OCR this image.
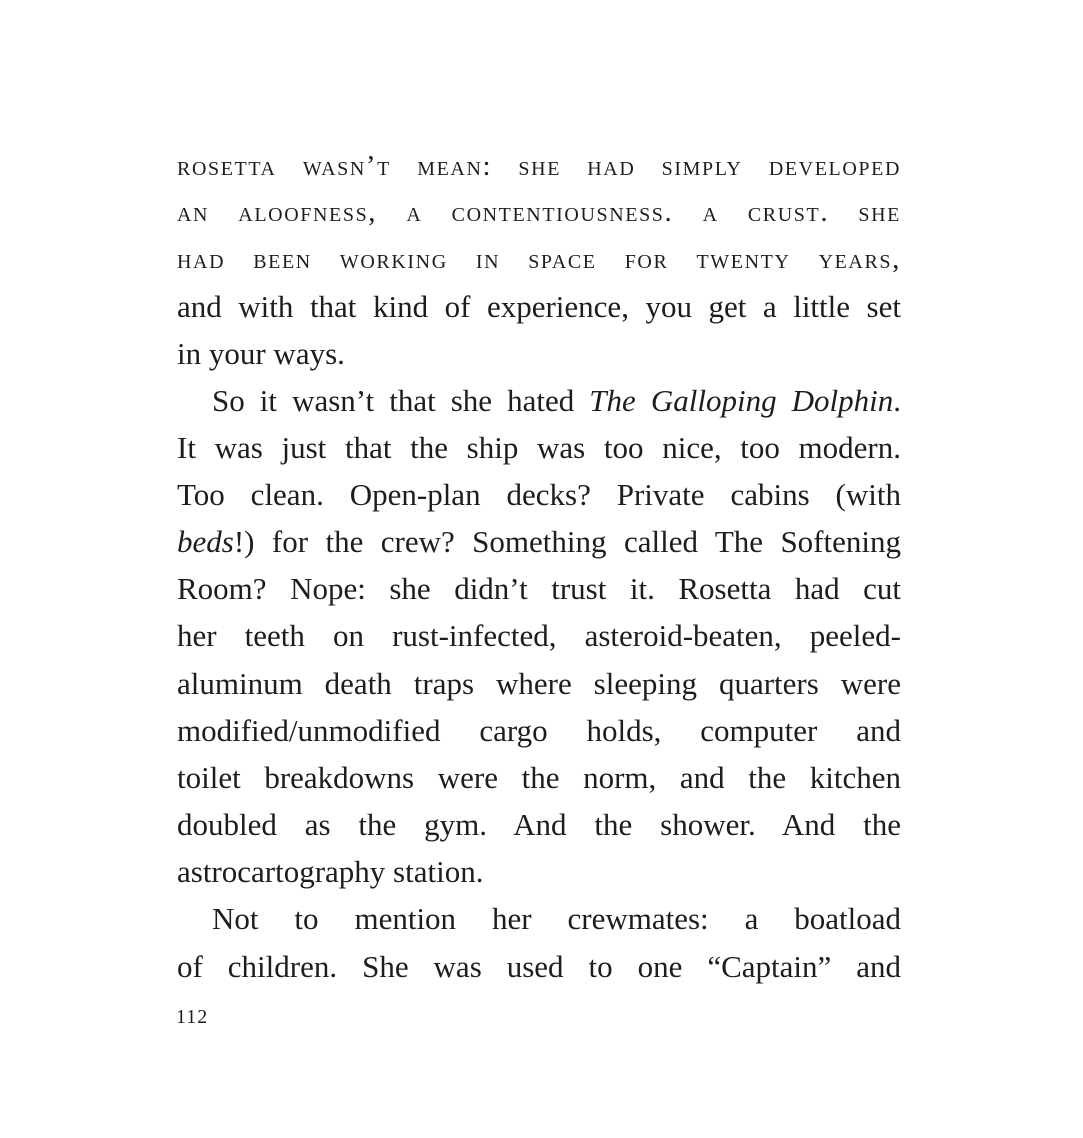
rosetta wasn’t mean: she had simply developed
an aloofness, a contentiousness. a crust. she
had been working in space for twenty years,
and with that kind of experience, you get a little set
in your ways.
So it wasn’t that she hated The Galloping Dolphin.
It was just that the ship was too nice, too modern.
Too clean. Open-plan decks? Private cabins (with
beds!) for the crew? Something called The Softening
Room? Nope: she didn’t trust it. Rosetta had cut
her teeth on rust-infected, asteroid-beaten, peeled-
aluminum death traps where sleeping quarters were
modified/unmodified cargo holds, computer and
toilet breakdowns were the norm, and the kitchen
doubled as the gym. And the shower. And the
astrocartography station.
Not to mention her crewmates: a boatload
of children. She was used to one “Captain” and
112
